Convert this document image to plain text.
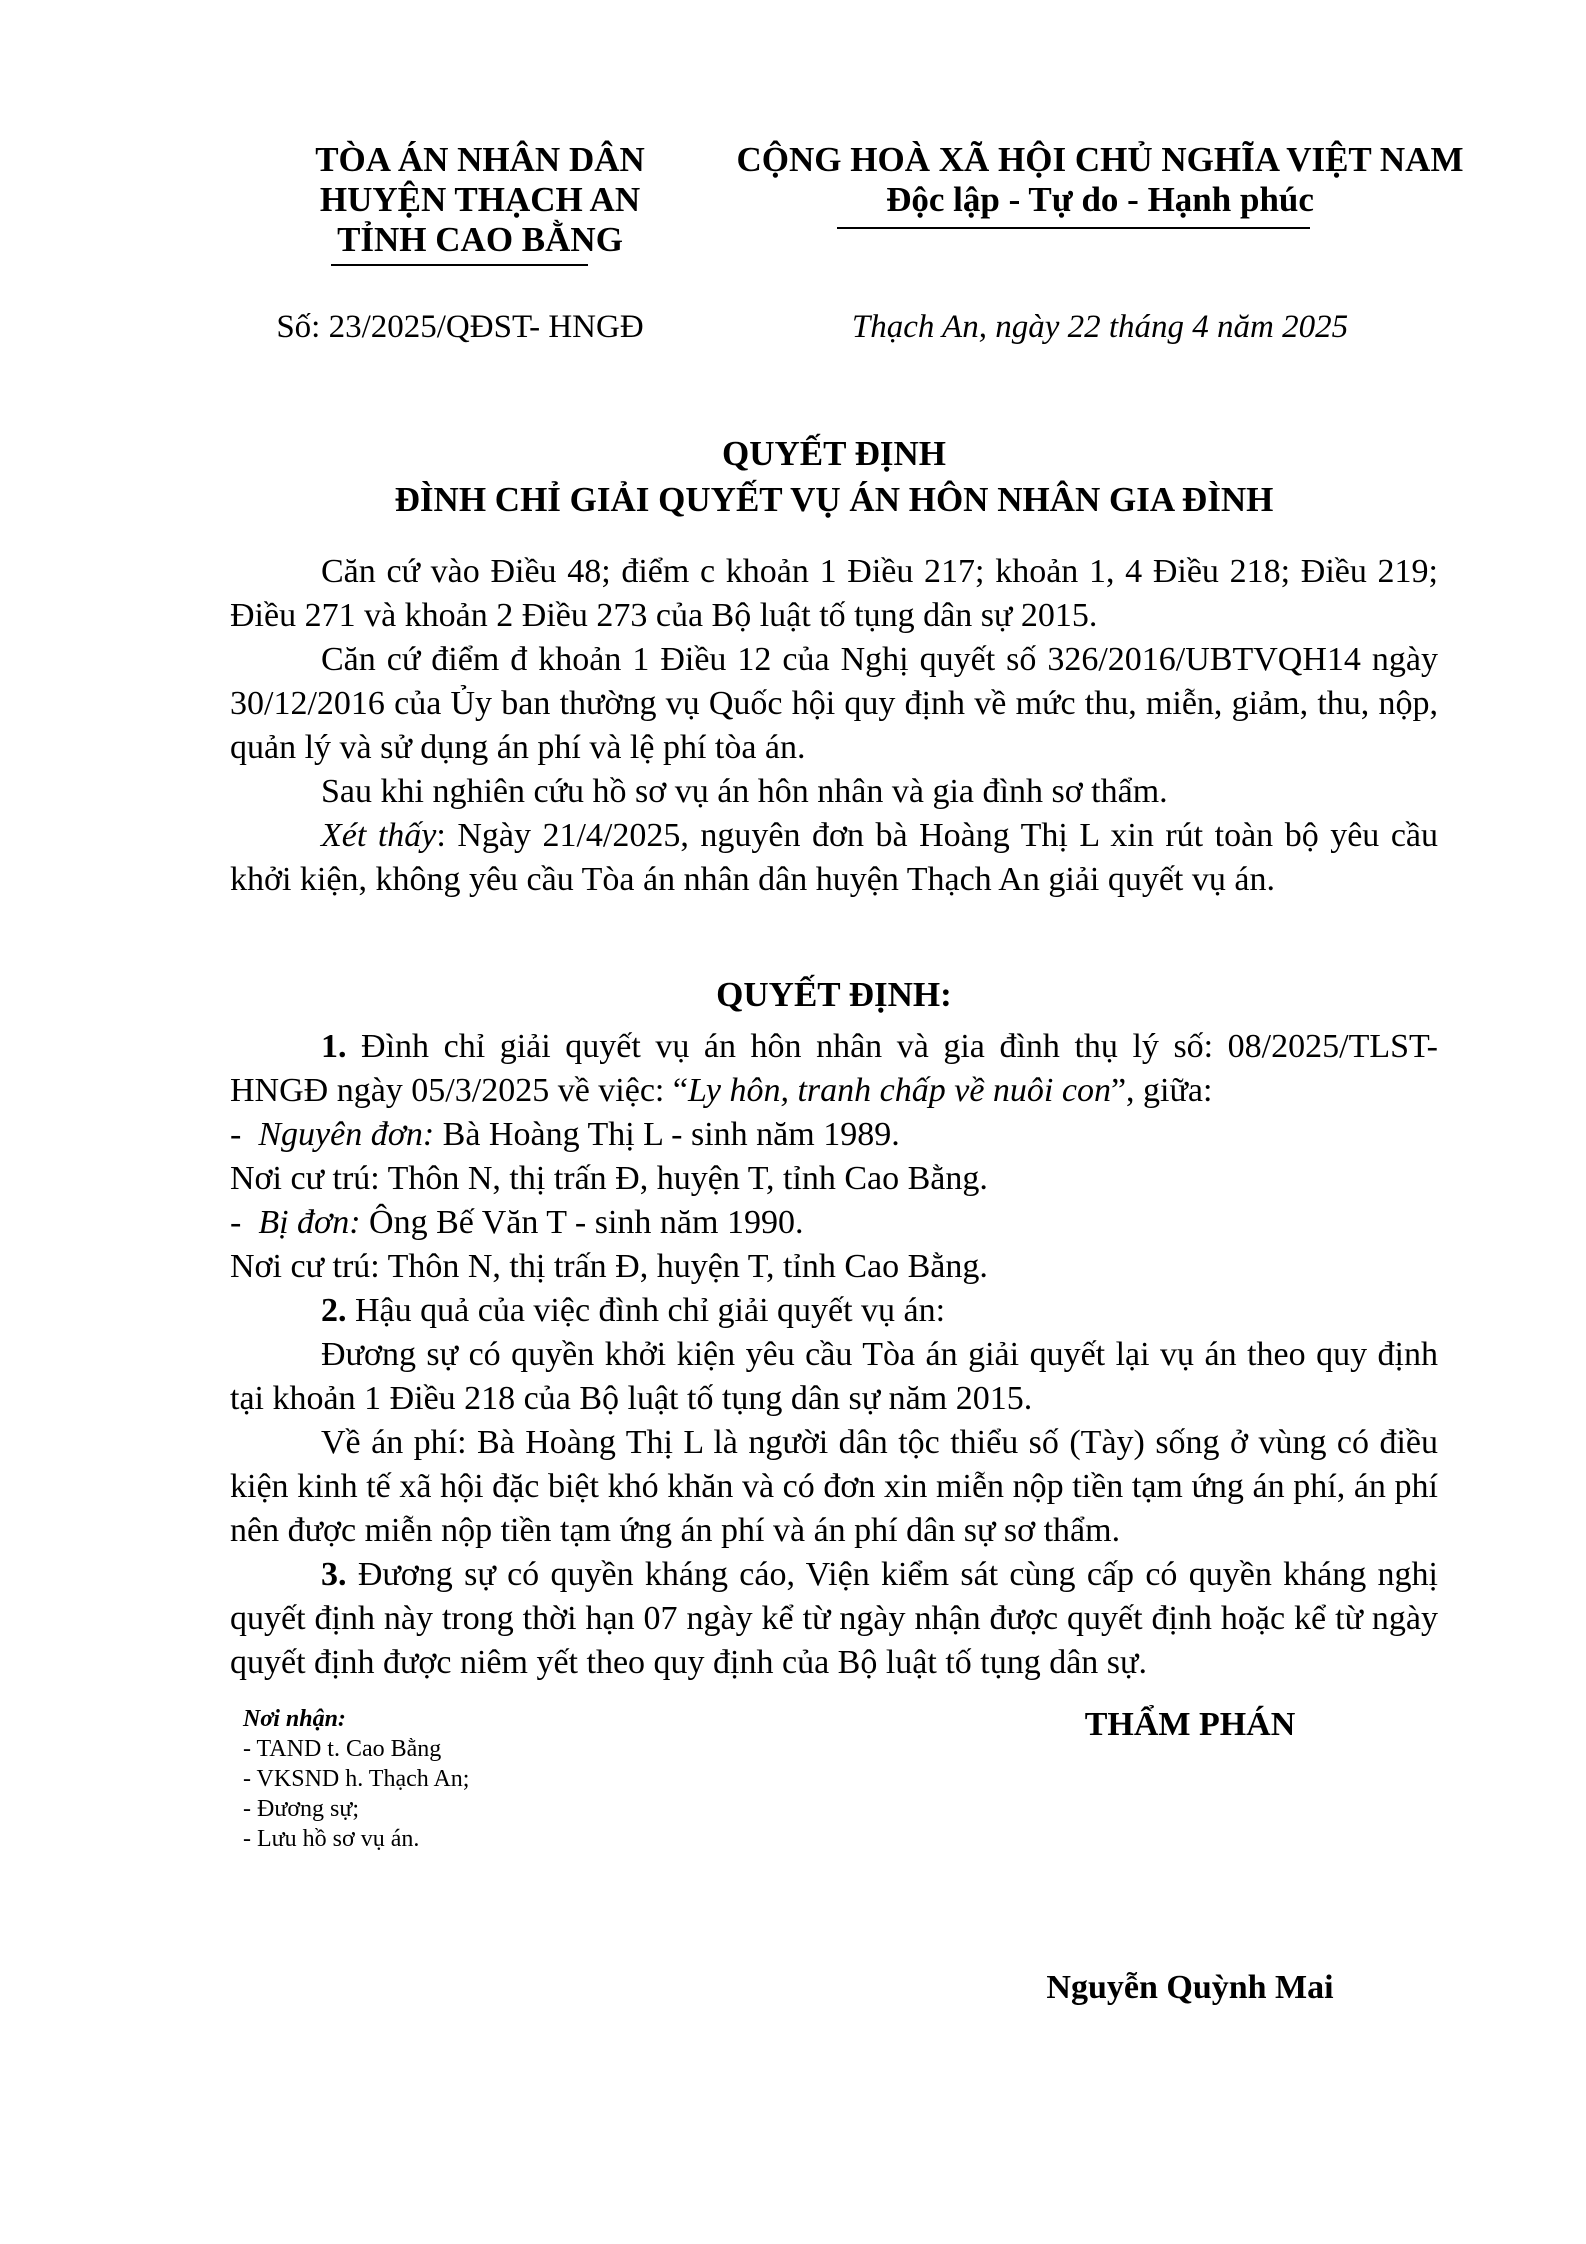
TÒA ÁN NHÂN DÂN
HUYỆN THẠCH AN
TỈNH CAO BẰNG
CỘNG HOÀ XÃ HỘI CHỦ NGHĨA VIỆT NAM
Độc lập - Tự do - Hạnh phúc
Số: 23/2025/QĐST- HNGĐ	Thạch An, ngày 22 tháng 4 năm 2025
QUYẾT ĐỊNH
ĐÌNH CHỈ GIẢI QUYẾT VỤ ÁN HÔN NHÂN GIA ĐÌNH

Căn cứ vào Điều 48; điểm c khoản 1 Điều 217; khoản 1, 4 Điều 218; Điều 219; Điều 271 và khoản 2 Điều 273 của Bộ luật tố tụng dân sự 2015.

Căn cứ điểm đ khoản 1 Điều 12 của Nghị quyết số 326/2016/UBTVQH14 ngày 30/12/2016 của Ủy ban thường vụ Quốc hội quy định về mức thu, miễn, giảm, thu, nộp, quản lý và sử dụng án phí và lệ phí tòa án.

Sau khi nghiên cứu hồ sơ vụ án hôn nhân và gia đình sơ thẩm.

Xét thấy: Ngày 21/4/2025, nguyên đơn bà Hoàng Thị L xin rút toàn bộ yêu cầu khởi kiện, không yêu cầu Tòa án nhân dân huyện Thạch An giải quyết vụ án.

QUYẾT ĐỊNH:

1. Đình chỉ giải quyết vụ án hôn nhân và gia đình thụ lý số: 08/2025/TLST-HNGĐ ngày 05/3/2025 về việc: “Ly hôn, tranh chấp về nuôi con”, giữa:

-  Nguyên đơn: Bà Hoàng Thị L - sinh năm 1989.

Nơi cư trú: Thôn N, thị trấn Đ, huyện T, tỉnh Cao Bằng.

-  Bị đơn: Ông Bế Văn T - sinh năm 1990.

Nơi cư trú: Thôn N, thị trấn Đ, huyện T, tỉnh Cao Bằng.

2. Hậu quả của việc đình chỉ giải quyết vụ án:

Đương sự có quyền khởi kiện yêu cầu Tòa án giải quyết lại vụ án theo quy định tại khoản 1 Điều 218 của Bộ luật tố tụng dân sự năm 2015.

Về án phí: Bà Hoàng Thị L là người dân tộc thiểu số (Tày) sống ở vùng có điều kiện kinh tế xã hội đặc biệt khó khăn và có đơn xin miễn nộp tiền tạm ứng án phí, án phí nên được miễn nộp tiền tạm ứng án phí và án phí dân sự sơ thẩm.

3. Đương sự có quyền kháng cáo, Viện kiểm sát cùng cấp có quyền kháng nghị quyết định này trong thời hạn 07 ngày kể từ ngày nhận được quyết định hoặc kể từ ngày quyết định được niêm yết theo quy định của Bộ luật tố tụng dân sự.

Nơi nhận:
- TAND t. Cao Bằng
- VKSND h. Thạch An;
- Đương sự;
- Lưu hồ sơ vụ án.
THẨM PHÁN
Nguyễn Quỳnh Mai
